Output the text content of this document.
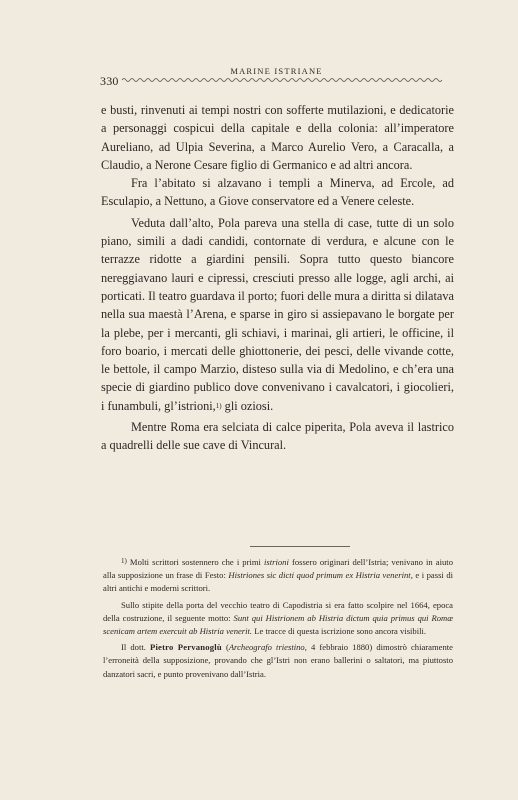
330
MARINE ISTRIANE

e busti, rinvenuti ai tempi nostri con sofferte mutilazioni, e dedicatorie a personaggi cospicui della capitale e della colonia: all’imperatore Aureliano, ad Ulpia Severina, a Marco Aurelio Vero, a Caracalla, a Claudio, a Nerone Cesare figlio di Germanico e ad altri ancora.

Fra l’abitato si alzavano i templi a Minerva, ad Ercole, ad Esculapio, a Nettuno, a Giove conservatore ed a Venere celeste.

Veduta dall’alto, Pola pareva una stella di case, tutte di un solo piano, simili a dadi candidi, contornate di verdura, e alcune con le terrazze ridotte a giardini pensili. Sopra tutto questo biancore nereggiavano lauri e cipressi, cresciuti presso alle logge, agli archi, ai porticati. Il teatro guardava il porto; fuori delle mura a diritta si dilatava nella sua maestà l’Arena, e sparse in giro si assiepavano le borgate per la plebe, per i mercanti, gli schiavi, i marinai, gli artieri, le officine, il foro boario, i mercati delle ghiottonerie, dei pesci, delle vivande cotte, le bettole, il campo Marzio, disteso sulla via di Medolino, e ch’era una specie di giardino publico dove convenivano i cavalcatori, i giocolieri, i funambuli, gl’istrioni,$^{1)}$ gli oziosi.

Mentre Roma era selciata di calce piperita, Pola aveva il lastrico a quadrelli delle sue cave di Vincural.

$^{1)}$ Molti scrittori sostennero che i primi istrioni fossero originari dell’Istria; venivano in aiuto alla supposizione un frase di Festo: Histriones sic dicti quod primum ex Histria venerint, e i passi di altri antichi e moderni scrittori.

Sullo stipite della porta del vecchio teatro di Capodistria si era fatto scolpire nel 1664, epoca della costruzione, il seguente motto: Sunt qui Histrionem ab Histria dictum quia primus qui Romæ scenicam artem exercuit ab Histria venerit. Le tracce di questa iscrizione sono ancora visibili.

Il dott. Pietro Pervanoglù (Archeografo triestino, 4 febbraio 1880) dimostrò chiaramente l’erroneità della supposizione, provando che gl’Istri non erano ballerini o saltatori, ma piuttosto danzatori sacri, e punto provenivano dall’Istria.
